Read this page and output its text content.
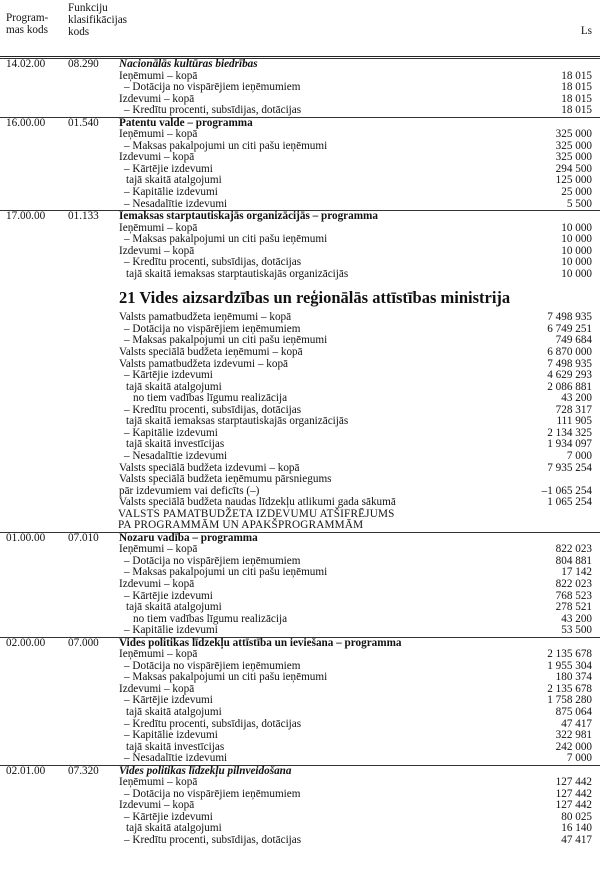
Program-mas kods
Funkciju klasifikācijas kods	Ls
14.02.00 08.290 Nacionālās kultūras biedrības
Ieņēmumi – kopā	18 015
– Dotācija no vispārējiem ieņēmumiem	18 015
Izdevumi – kopā	18 015
– Kredītu procenti, subsīdijas, dotācijas	18 015
16.00.00 01.540 Patentu valde – programma
Ieņēmumi – kopā	325 000
– Maksas pakalpojumi un citi pašu ieņēmumi	325 000
Izdevumi – kopā	325 000
– Kārtējie izdevumi	294 500
tajā skaitā atalgojumi	125 000
– Kapitālie izdevumi	25 000
– Nesadalītie izdevumi	5 500
17.00.00 01.133 Iemaksas starptautiskajās organizācijās – programma
Ieņēmumi – kopā	10 000
– Maksas pakalpojumi un citi pašu ieņēmumi	10 000
Izdevumi – kopā	10 000
– Kredītu procenti, subsīdijas, dotācijas	10 000
tajā skaitā iemaksas starptautiskajās organizācijās	10 000
21 Vides aizsardzības un reģionālās attīstības ministrija
Valsts pamatbudžeta ieņēmumi – kopā	7 498 935
– Dotācija no vispārējiem ieņēmumiem	6 749 251
– Maksas pakalpojumi un citi pašu ieņēmumi	749 684
Valsts speciālā budžeta ieņēmumi – kopā	6 870 000
Valsts pamatbudžeta izdevumi – kopā	7 498 935
– Kārtējie izdevumi	4 629 293
tajā skaitā atalgojumi	2 086 881
no tiem vadības līgumu realizācija	43 200
– Kredītu procenti, subsīdijas, dotācijas	728 317
tajā skaitā iemaksas starptautiskajās organizācijās	111 905
– Kapitālie izdevumi	2 134 325
tajā skaitā investīcijas	1 934 097
– Nesadalītie izdevumi	7 000
Valsts speciālā budžeta izdevumi – kopā	7 935 254
Valsts speciālā budžeta ieņēmumu pārsniegums
pār izdevumiem vai deficīts (–)	–1 065 254
Valsts speciālā budžeta naudas līdzekļu atlikumi gada sākumā	1 065 254
VALSTS PAMATBUDŽETA IZDEVUMU ATŠIFRĒJUMS
PA PROGRAMMĀM UN APAKŠPROGRAMMĀM
01.00.00 07.010 Nozaru vadība – programma
Ieņēmumi – kopā	822 023
– Dotācija no vispārējiem ieņēmumiem	804 881
– Maksas pakalpojumi un citi pašu ieņēmumi	17 142
Izdevumi – kopā	822 023
– Kārtējie izdevumi	768 523
tajā skaitā atalgojumi	278 521
no tiem vadības līgumu realizācija	43 200
– Kapitālie izdevumi	53 500
02.00.00 07.000 Vides politikas līdzekļu attīstība un ieviešana – programma
Ieņēmumi – kopā	2 135 678
– Dotācija no vispārējiem ieņēmumiem	1 955 304
– Maksas pakalpojumi un citi pašu ieņēmumi	180 374
Izdevumi – kopā	2 135 678
– Kārtējie izdevumi	1 758 280
tajā skaitā atalgojumi	875 064
– Kredītu procenti, subsīdijas, dotācijas	47 417
– Kapitālie izdevumi	322 981
tajā skaitā investīcijas	242 000
– Nesadalītie izdevumi	7 000
02.01.00 07.320 Vides politikas līdzekļu pilnveidošana
Ieņēmumi – kopā	127 442
– Dotācija no vispārējiem ieņēmumiem	127 442
Izdevumi – kopā	127 442
– Kārtējie izdevumi	80 025
tajā skaitā atalgojumi	16 140
– Kredītu procenti, subsīdijas, dotācijas	47 417
